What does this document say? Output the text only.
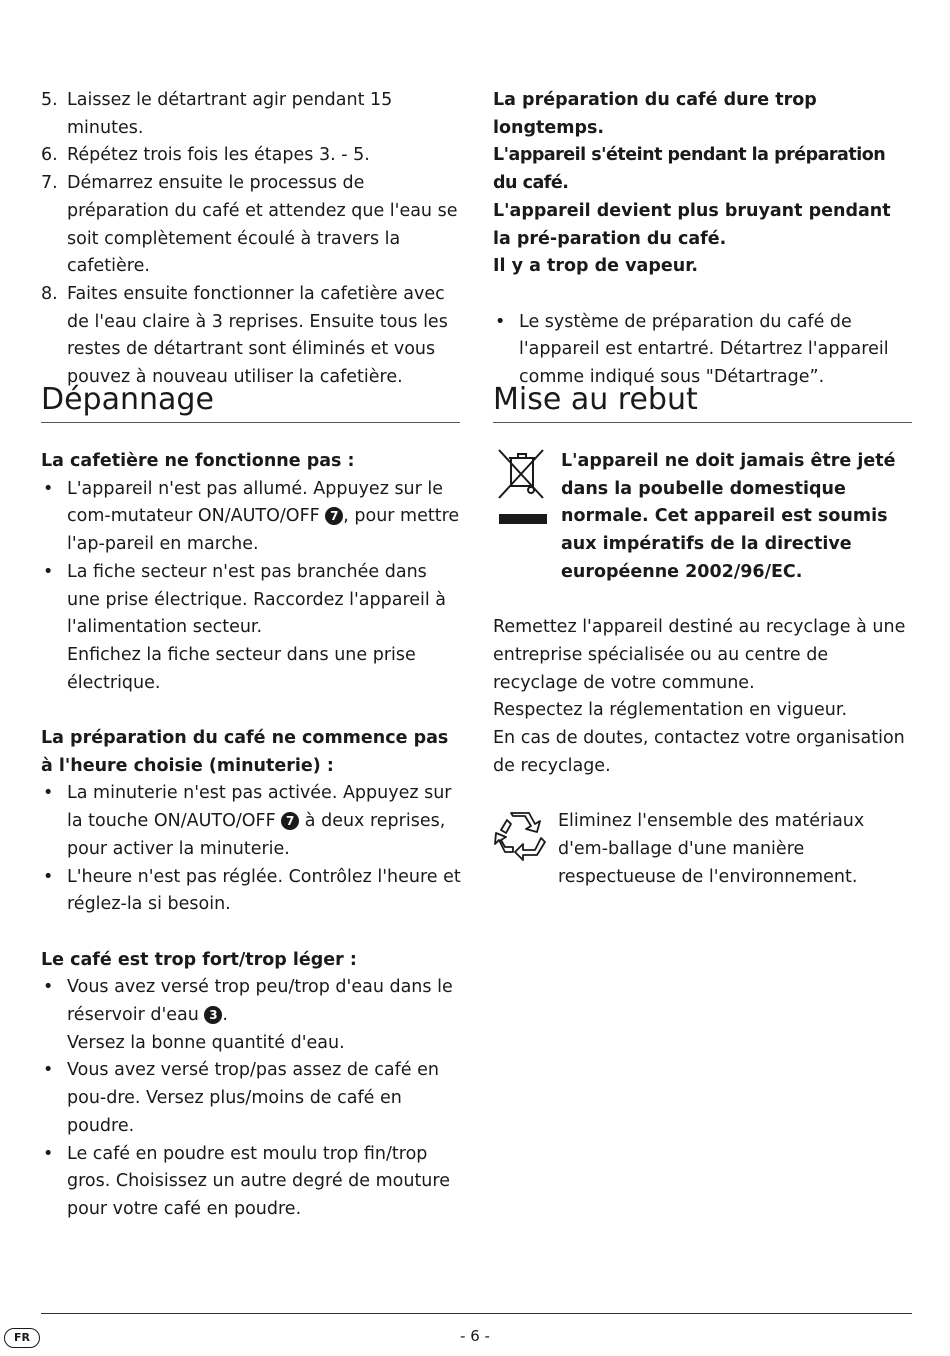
5. Laissez le détartrant agir pendant 15 minutes.
6. Répétez trois fois les étapes 3. - 5.
7. Démarrez ensuite le processus de préparation du café et attendez que l'eau se soit complètement écoulé à travers la cafetière.
8. Faites ensuite fonctionner la cafetière avec de l'eau claire à 3 reprises. Ensuite tous les restes de détartrant sont éliminés et vous pouvez à nouveau utiliser la cafetière.
Dépannage
La cafetière ne fonctionne pas :
• L'appareil n'est pas allumé. Appuyez sur le com-mutateur ON/AUTO/OFF 7 , pour mettre l'ap-pareil en marche.
• La fiche secteur n'est pas branchée dans une prise électrique. Raccordez l'appareil à l'alimentation secteur.
Enfichez la fiche secteur dans une prise électrique.
La préparation du café ne commence pas
à l'heure choisie (minuterie) :
• La minuterie n'est pas activée. Appuyez sur la touche ON/AUTO/OFF 7 à deux reprises, pour activer la minuterie.
• L'heure n'est pas réglée. Contrôlez l'heure et réglez-la si besoin.
Le café est trop fort/trop léger :
• Vous avez versé trop peu/trop d'eau dans le réservoir d'eau 3 .
Versez la bonne quantité d'eau.
• Vous avez versé trop/pas assez de café en pou-dre. Versez plus/moins de café en poudre.
• Le café en poudre est moulu trop fin/trop gros. Choisissez un autre degré de mouture pour votre café en poudre.
La préparation du café dure trop longtemps.
L'appareil s'éteint pendant la préparation du café.
L'appareil devient plus bruyant pendant la pré-paration du café.
Il y a trop de vapeur.
• Le système de préparation du café de l'appareil est entartré. Détartrez l'appareil comme indiqué sous "Détartrage”.
Mise au rebut
L'appareil ne doit jamais être jeté dans la poubelle domestique normale. Cet appareil est soumis aux impératifs de la directive européenne 2002/96/EC.
Remettez l'appareil destiné au recyclage à une entreprise spécialisée ou au centre de recyclage de votre commune.
Respectez la réglementation en vigueur.
En cas de doutes, contactez votre organisation de recyclage.
Eliminez l'ensemble des matériaux d'em-ballage d'une manière respectueuse de l'environnement.
FR	- 6 -
